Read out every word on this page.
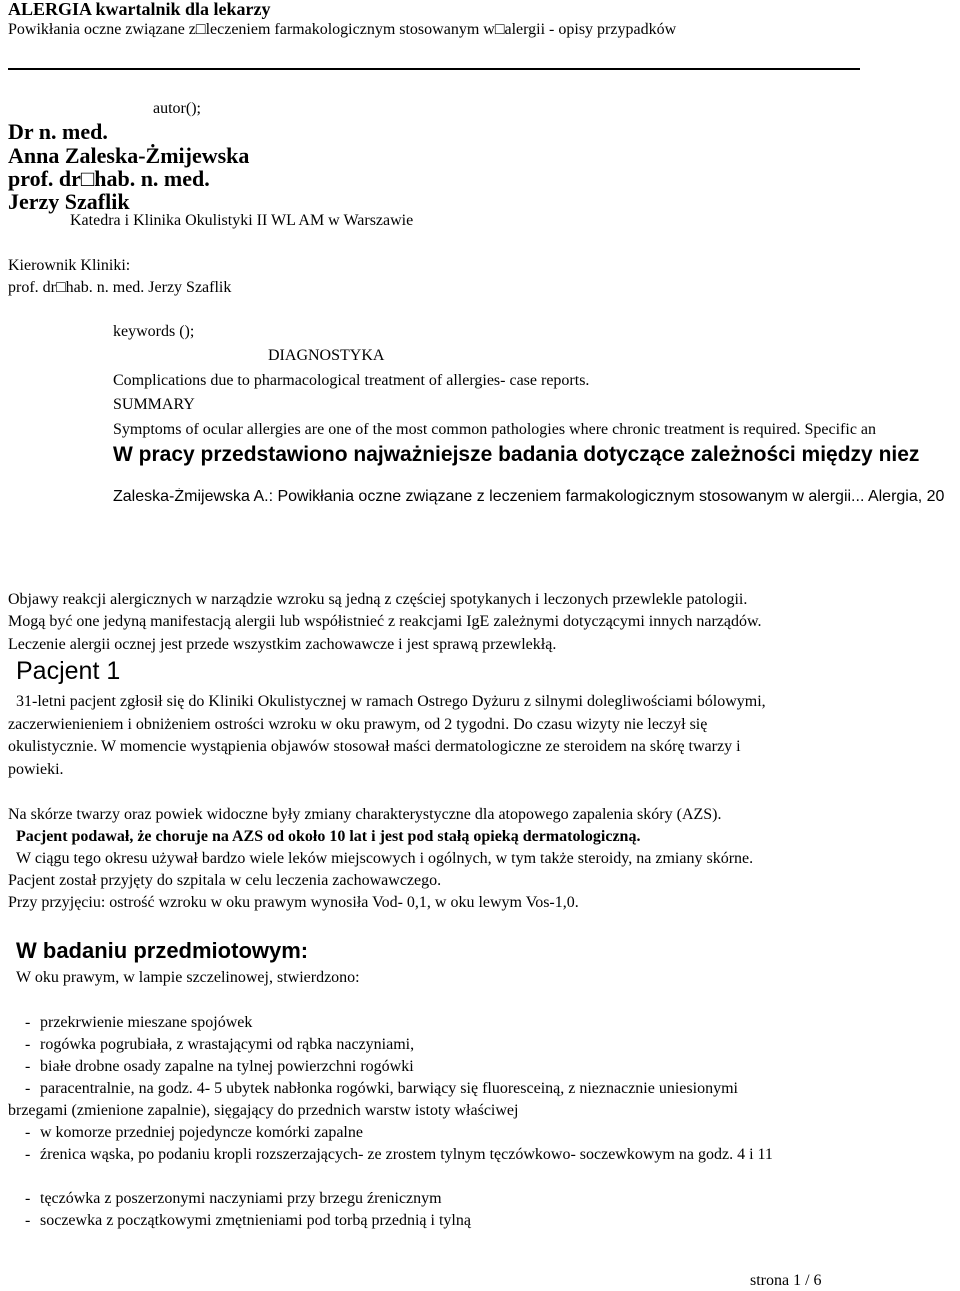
ALERGIA kwartalnik dla lekarzy
Powikłania oczne związane z□leczeniem farmakologicznym stosowanym w□alergii - opisy przypadków
autor();
Dr n. med.
Anna Zaleska-Żmijewska
prof. dr□hab. n. med.
Jerzy Szaflik
Katedra i Klinika Okulistyki II WL AM w Warszawie
Kierownik Kliniki:
prof. dr□hab. n. med. Jerzy Szaflik
keywords ();
DIAGNOSTYKA
Complications due to pharmacological treatment of allergies- case reports.
SUMMARY
Symptoms of ocular allergies are one of the most common pathologies where chronic treatment is required. Specific an
W pracy przedstawiono najważniejsze badania dotyczące zależności między niez
Zaleska-Żmijewska A.: Powikłania oczne związane z leczeniem farmakologicznym stosowanym w alergii... Alergia, 20
Objawy reakcji alergicznych w narządzie wzroku są jedną z częściej spotykanych i leczonych przewlekle patologii.
Mogą być one jedyną manifestacją alergii lub współistnieć z reakcjami IgE zależnymi dotyczącymi innych narządów.
Leczenie alergii ocznej jest przede wszystkim zachowawcze i jest sprawą przewlekłą.
Pacjent 1
31-letni pacjent zgłosił się do Kliniki Okulistycznej w ramach Ostrego Dyżuru z silnymi dolegliwościami bólowymi,
zaczerwienieniem i obniżeniem ostrości wzroku w oku prawym, od 2 tygodni. Do czasu wizyty nie leczył się
okulistycznie. W momencie wystąpienia objawów stosował maści dermatologiczne ze steroidem na skórę twarzy i
powieki.
Na skórze twarzy oraz powiek widoczne były zmiany charakterystyczne dla atopowego zapalenia skóry (AZS).
Pacjent podawał, że choruje na AZS od około 10 lat i jest pod stałą opieką dermatologiczną.
W ciągu tego okresu używał bardzo wiele leków miejscowych i ogólnych, w tym także steroidy, na zmiany skórne.
Pacjent został przyjęty do szpitala w celu leczenia zachowawczego.
Przy przyjęciu: ostrość wzroku w oku prawym wynosiła Vod- 0,1, w oku lewym Vos-1,0.
W badaniu przedmiotowym:
W oku prawym, w lampie szczelinowej, stwierdzono:
- przekrwienie mieszane spojówek
- rogówka pogrubiała, z wrastającymi od rąbka naczyniami,
- białe drobne osady zapalne na tylnej powierzchni rogówki
- paracentralnie, na godz. 4- 5 ubytek nabłonka rogówki, barwiący się fluoresceiną, z nieznacznie uniesionymi
brzegami (zmienione zapalnie), sięgający do przednich warstw istoty właściwej
- w komorze przedniej pojedyncze komórki zapalne
- źrenica wąska, po podaniu kropli rozszerzających- ze zrostem tylnym tęczówkowo- soczewkowym na godz. 4 i 11
- tęczówka z poszerzonymi naczyniami przy brzegu źrenicznym
- soczewka z początkowymi zmętnieniami pod torbą przednią i tylną
strona 1 / 6
